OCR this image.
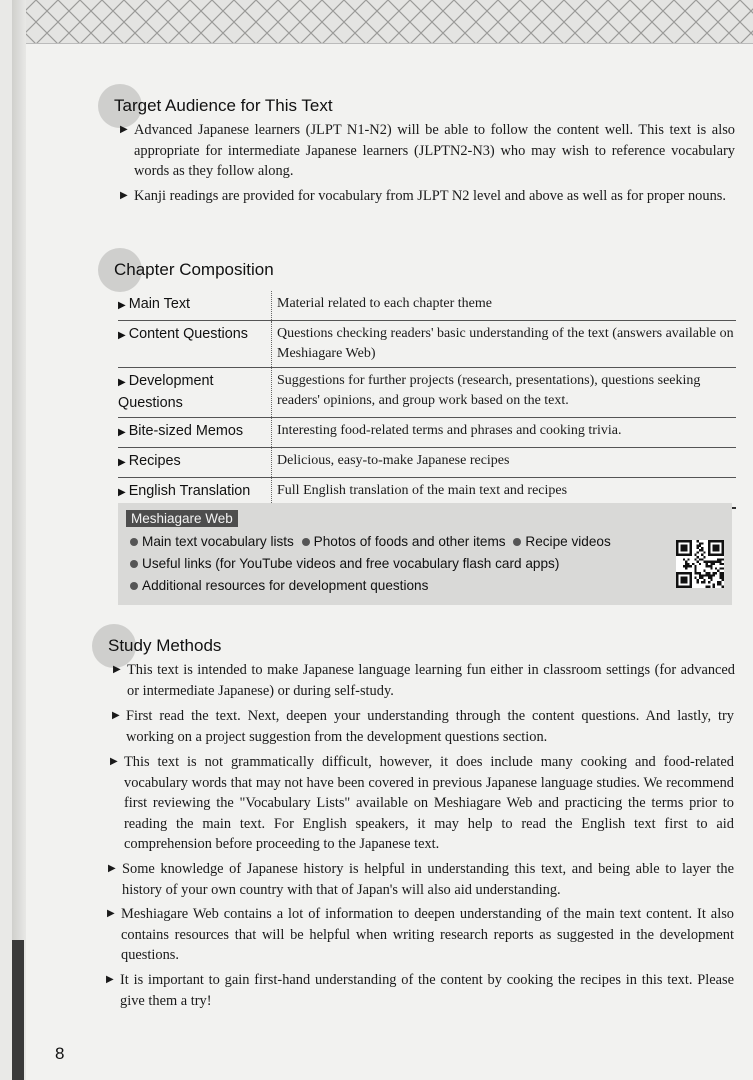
Target Audience for This Text
▶ Advanced Japanese learners (JLPT N1-N2) will be able to follow the content well. This text is also appropriate for intermediate Japanese learners (JLPTN2-N3) who may wish to reference vocabulary words as they follow along.
▶ Kanji readings are provided for vocabulary from JLPT N2 level and above as well as for proper nouns.
Chapter Composition
▶ Main Text	Material related to each chapter theme
▶ Content Questions	Questions checking readers' basic understanding of the text (answers available on Meshiagare Web)
▶ Development Questions	Suggestions for further projects (research, presentations), questions seeking readers' opinions, and group work based on the text.
▶ Bite-sized Memos	Interesting food-related terms and phrases and cooking trivia.
▶ Recipes	Delicious, easy-to-make Japanese recipes
▶ English Translation	Full English translation of the main text and recipes
Meshiagare Web
Main text vocabulary lists Photos of foods and other items Recipe videos
Useful links (for YouTube videos and free vocabulary flash card apps)
Additional resources for development questions
Study Methods
▶ This text is intended to make Japanese language learning fun either in classroom settings (for advanced or intermediate Japanese) or during self-study.
▶ First read the text. Next, deepen your understanding through the content questions. And lastly, try working on a project suggestion from the development questions section.
▶ This text is not grammatically difficult, however, it does include many cooking and food-related vocabulary words that may not have been covered in previous Japanese language studies. We recommend first reviewing the "Vocabulary Lists" available on Meshiagare Web and practicing the terms prior to reading the main text. For English speakers, it may help to read the English text first to aid comprehension before proceeding to the Japanese text.
▶ Some knowledge of Japanese history is helpful in understanding this text, and being able to layer the history of your own country with that of Japan's will also aid understanding.
▶ Meshiagare Web contains a lot of information to deepen understanding of the main text content. It also contains resources that will be helpful when writing research reports as suggested in the development questions.
▶ It is important to gain first-hand understanding of the content by cooking the recipes in this text. Please give them a try!
8
